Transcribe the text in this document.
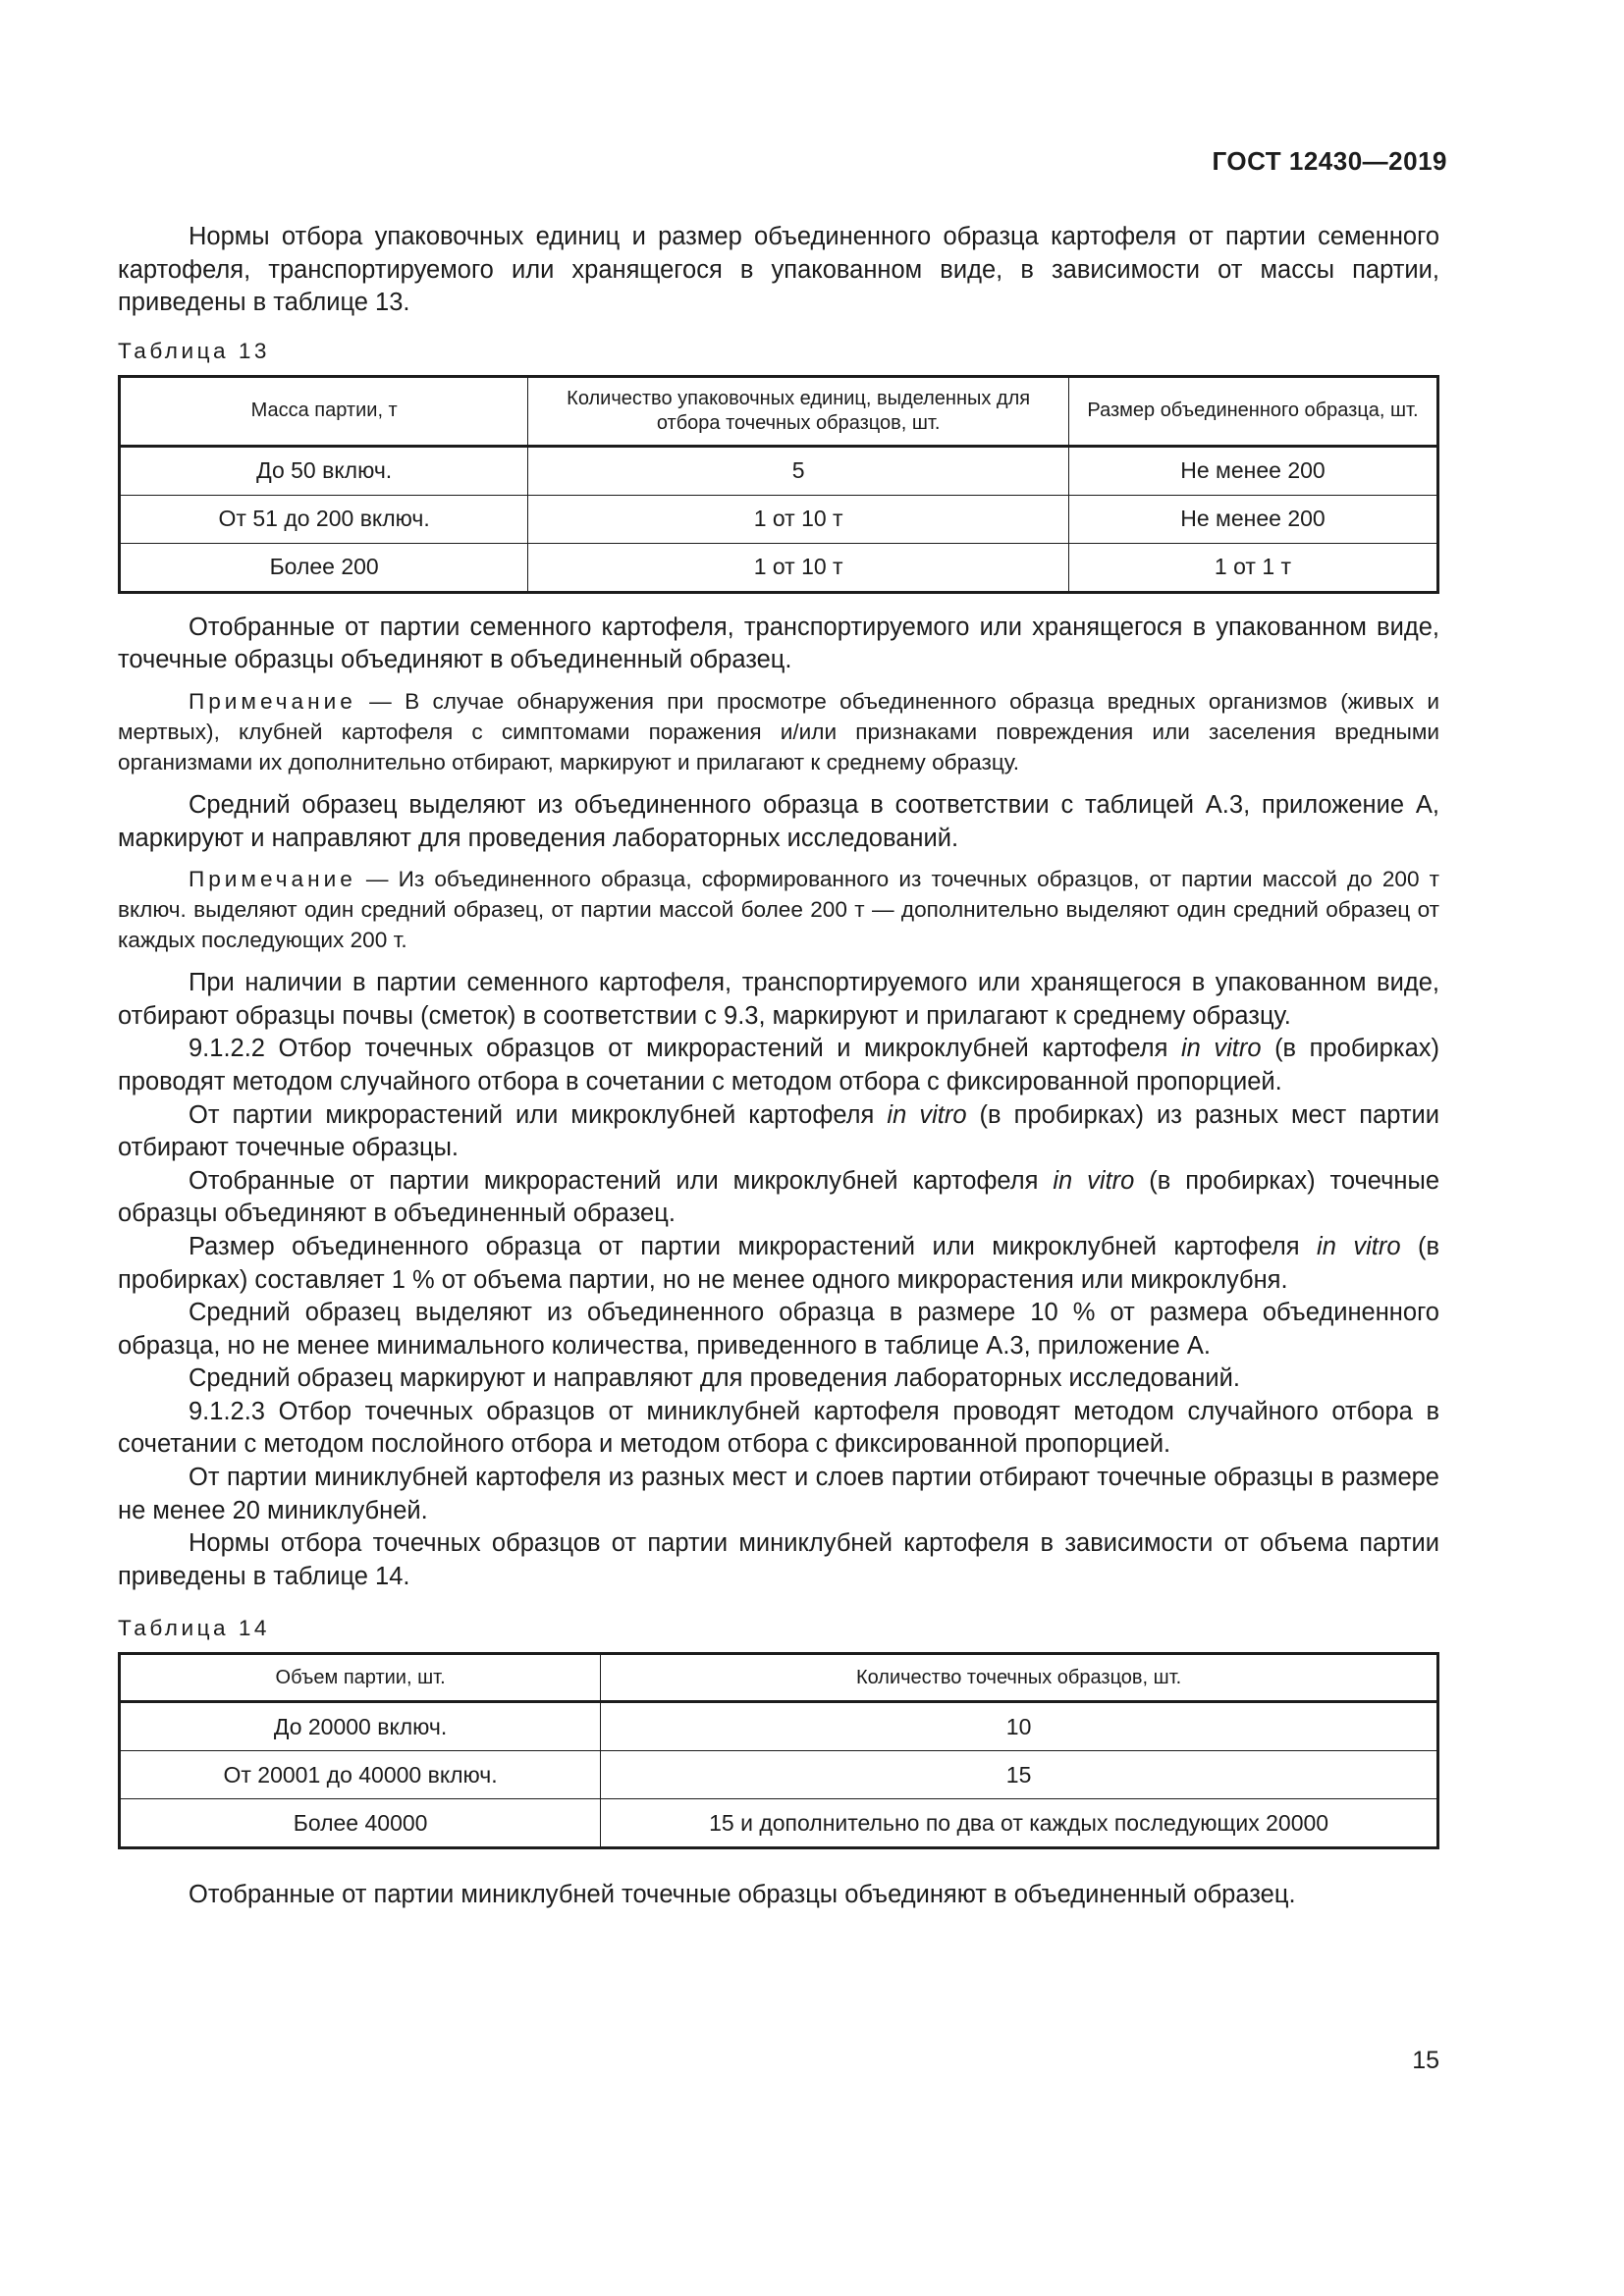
ГОСТ 12430—2019

Нормы отбора упаковочных единиц и размер объединенного образца картофеля от партии семенного картофеля, транспортируемого или хранящегося в упакованном виде, в зависимости от массы партии, приведены в таблице 13.

Таблица 13
Масса партии, т	Количество упаковочных единиц, выделенных для отбора точечных образцов, шт.	Размер объединенного образца, шт.
До 50 включ.	5	Не менее 200
От 51 до 200 включ.	1 от 10 т	Не менее 200
Более 200	1 от 10 т	1 от 1 т

Отобранные от партии семенного картофеля, транспортируемого или хранящегося в упакованном виде, точечные образцы объединяют в объединенный образец.

Примечание — В случае обнаружения при просмотре объединенного образца вредных организмов (живых и мертвых), клубней картофеля с симптомами поражения и/или признаками повреждения или заселения вредными организмами их дополнительно отбирают, маркируют и прилагают к среднему образцу.

Средний образец выделяют из объединенного образца в соответствии с таблицей А.3, приложение А, маркируют и направляют для проведения лабораторных исследований.

Примечание — Из объединенного образца, сформированного из точечных образцов, от партии массой до 200 т включ. выделяют один средний образец, от партии массой более 200 т — дополнительно выделяют один средний образец от каждых последующих 200 т.

При наличии в партии семенного картофеля, транспортируемого или хранящегося в упакованном виде, отбирают образцы почвы (сметок) в соответствии с 9.3, маркируют и прилагают к среднему образцу.

9.1.2.2 Отбор точечных образцов от микрорастений и микроклубней картофеля in vitro (в пробирках) проводят методом случайного отбора в сочетании с методом отбора с фиксированной пропорцией.

От партии микрорастений или микроклубней картофеля in vitro (в пробирках) из разных мест партии отбирают точечные образцы.

Отобранные от партии микрорастений или микроклубней картофеля in vitro (в пробирках) точечные образцы объединяют в объединенный образец.

Размер объединенного образца от партии микрорастений или микроклубней картофеля in vitro (в пробирках) составляет 1 % от объема партии, но не менее одного микрорастения или микроклубня.

Средний образец выделяют из объединенного образца в размере 10 % от размера объединенного образца, но не менее минимального количества, приведенного в таблице А.3, приложение А.

Средний образец маркируют и направляют для проведения лабораторных исследований.

9.1.2.3 Отбор точечных образцов от миниклубней картофеля проводят методом случайного отбора в сочетании с методом послойного отбора и методом отбора с фиксированной пропорцией.

От партии миниклубней картофеля из разных мест и слоев партии отбирают точечные образцы в размере не менее 20 миниклубней.

Нормы отбора точечных образцов от партии миниклубней картофеля в зависимости от объема партии приведены в таблице 14.

Таблица 14
Объем партии, шт.	Количество точечных образцов, шт.
До 20000 включ.	10
От 20001 до 40000 включ.	15
Более 40000	15 и дополнительно по два от каждых последующих 20000

Отобранные от партии миниклубней точечные образцы объединяют в объединенный образец.

15
